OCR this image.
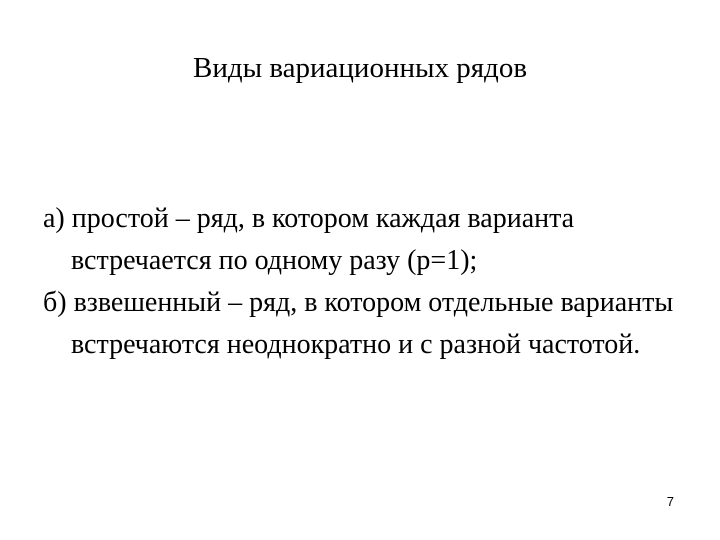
Виды вариационных рядов

а) простой – ряд, в котором каждая варианта встречается по одному разу (p=1);

б) взвешенный – ряд, в котором отдельные варианты встречаются неоднократно и с разной частотой.

7
